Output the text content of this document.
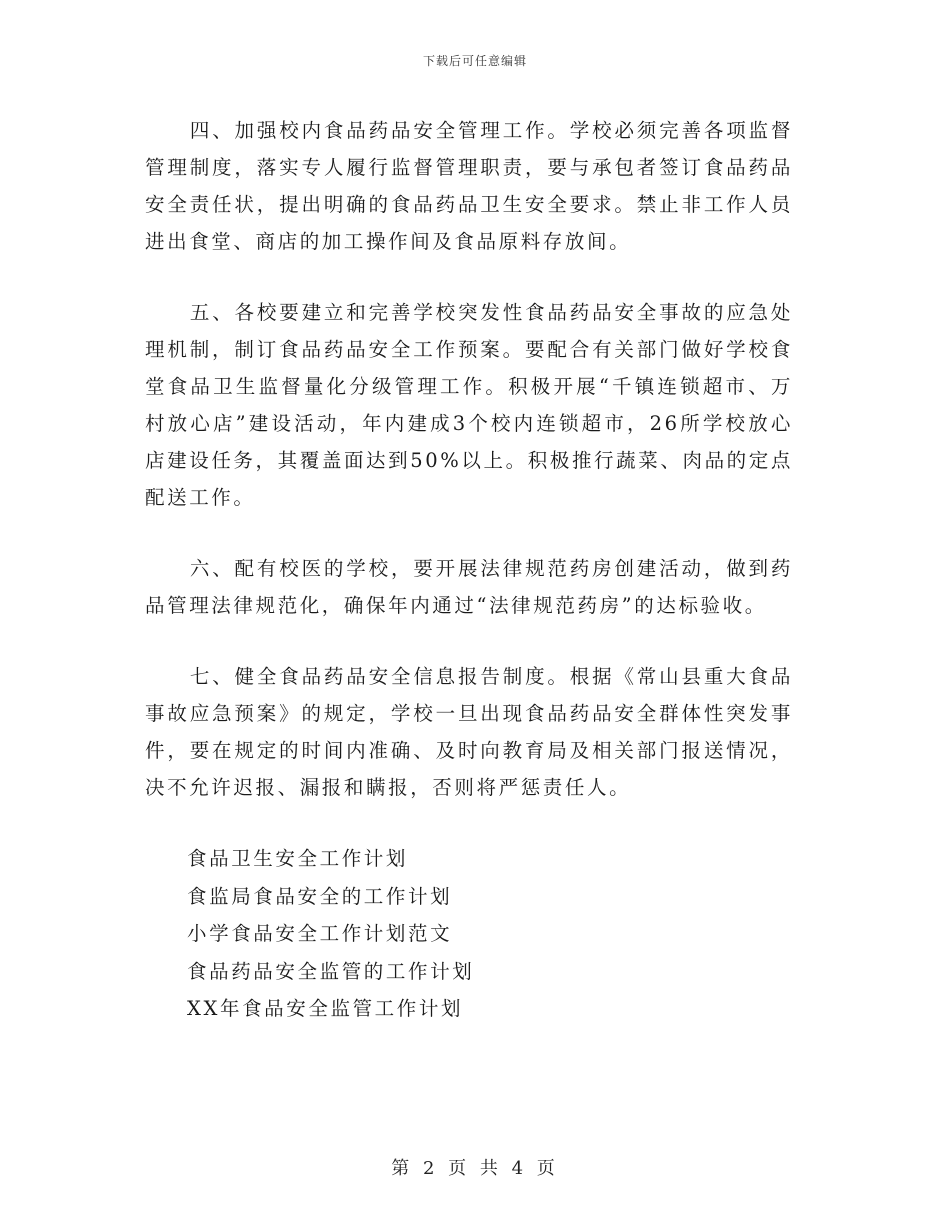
下载后可任意编辑

四、加强校内食品药品安全管理工作。学校必须完善各项监督管理制度，落实专人履行监督管理职责，要与承包者签订食品药品安全责任状，提出明确的食品药品卫生安全要求。禁止非工作人员进出食堂、商店的加工操作间及食品原料存放间。

五、各校要建立和完善学校突发性食品药品安全事故的应急处理机制，制订食品药品安全工作预案。要配合有关部门做好学校食堂食品卫生监督量化分级管理工作。积极开展“千镇连锁超市、万村放心店”建设活动，年内建成3个校内连锁超市，26所学校放心店建设任务，其覆盖面达到50%以上。积极推行蔬菜、肉品的定点配送工作。

六、配有校医的学校，要开展法律规范药房创建活动，做到药品管理法律规范化，确保年内通过“法律规范药房”的达标验收。

七、健全食品药品安全信息报告制度。根据《常山县重大食品事故应急预案》的规定，学校一旦出现食品药品安全群体性突发事件，要在规定的时间内准确、及时向教育局及相关部门报送情况，决不允许迟报、漏报和瞒报，否则将严惩责任人。

食品卫生安全工作计划
食监局食品安全的工作计划
小学食品安全工作计划范文
食品药品安全监管的工作计划
XX年食品安全监管工作计划
第 2 页 共 4 页
